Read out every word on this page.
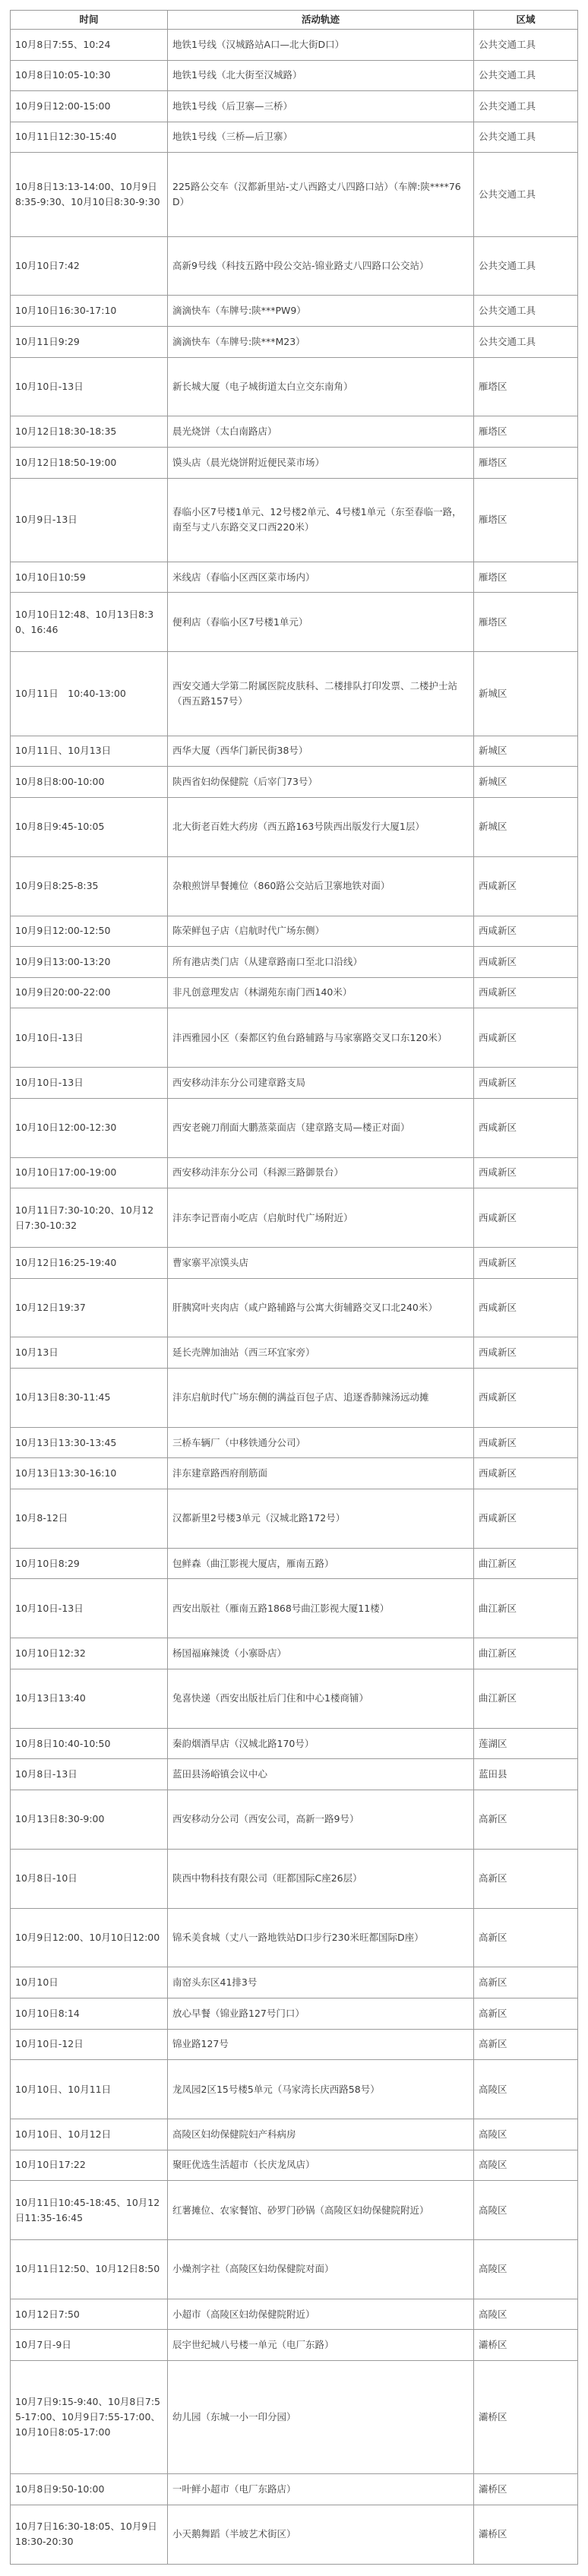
时间	活动轨迹	区域
10月8日7:55、10:24	地铁1号线（汉城路站A口—北大街D口）	公共交通工具
10月8日10:05-10:30	地铁1号线（北大街至汉城路）	公共交通工具
10月9日12:00-15:00	地铁1号线（后卫寨—三桥）	公共交通工具
10月11日12:30-15:40	地铁1号线（三桥—后卫寨）	公共交通工具
10月8日13:13-14:00、10月9日8:35-9:30、10月10日8:30-9:30	225路公交车（汉都新里站-丈八西路丈八四路口站）（车牌:陕****76D）	公共交通工具
10月10日7:42	高新9号线（科技五路中段公交站-锦业路丈八四路口公交站）	公共交通工具
10月10日16:30-17:10	滴滴快车（车牌号:陕***PW9）	公共交通工具
10月11日9:29	滴滴快车（车牌号:陕***M23）	公共交通工具
10月10日-13日	新长城大厦（电子城街道太白立交东南角）	雁塔区
10月12日18:30-18:35	晨光烧饼（太白南路店）	雁塔区
10月12日18:50-19:00	馍头店（晨光烧饼附近便民菜市场）	雁塔区
10月9日-13日	春临小区7号楼1单元、12号楼2单元、4号楼1单元（东至春临一路，南至与丈八东路交叉口西220米）	雁塔区
10月10日10:59	米线店（春临小区西区菜市场内）	雁塔区
10月10日12:48、10月13日8:30、16:46	便利店（春临小区7号楼1单元）	雁塔区
10月11日　10:40-13:00	西安交通大学第二附属医院皮肤科、二楼排队打印发票、二楼护士站（西五路157号）	新城区
10月11日、10月13日	西华大厦（西华门新民街38号）	新城区
10月8日8:00-10:00	陕西省妇幼保健院（后宰门73号）	新城区
10月8日9:45-10:05	北大街老百姓大药房（西五路163号陕西出版发行大厦1层）	新城区
10月9日8:25-8:35	杂粮煎饼早餐摊位（860路公交站后卫寨地铁对面）	西咸新区
10月9日12:00-12:50	陈荣鲜包子店（启航时代广场东侧）	西咸新区
10月9日13:00-13:20	所有港店类门店（从建章路南口至北口沿线）	西咸新区
10月9日20:00-22:00	非凡创意理发店（林湖苑东南门西140米）	西咸新区
10月10日-13日	沣西雅园小区（秦都区钓鱼台路辅路与马家寨路交叉口东120米）	西咸新区
10月10日-13日	西安移动沣东分公司建章路支局	西咸新区
10月10日12:00-12:30	西安老碗刀削面大鹏蒸菜面店（建章路支局—楼正对面）	西咸新区
10月10日17:00-19:00	西安移动沣东分公司（科源三路御景台）	西咸新区
10月11日7:30-10:20、10月12日7:30-10:32	沣东李记晋南小吃店（启航时代广场附近）	西咸新区
10月12日16:25-19:40	曹家寨平凉馍头店	西咸新区
10月12日19:37	肝胰窝叶夹肉店（咸户路辅路与公寓大街辅路交叉口北240米）	西咸新区
10月13日	延长壳牌加油站（西三环宜家旁）	西咸新区
10月13日8:30-11:45	沣东启航时代广场东侧的满益百包子店、追逐香肺辣汤远动摊	西咸新区
10月13日13:30-13:45	三桥车辆厂（中移铁通分公司）	西咸新区
10月13日13:30-16:10	沣东建章路西府削筋面	西咸新区
10月8-12日	汉都新里2号楼3单元（汉城北路172号）	西咸新区
10月10日8:29	包鲜森（曲江影视大厦店，雁南五路）	曲江新区
10月10日-13日	西安出版社（雁南五路1868号曲江影视大厦11楼）	曲江新区
10月10日12:32	杨国福麻辣烫（小寨卧店）	曲江新区
10月13日13:40	兔喜快递（西安出版社后门住和中心1楼商铺）	曲江新区
10月8日10:40-10:50	秦韵烟酒早店（汉城北路170号）	莲湖区
10月8日-13日	蓝田县汤峪镇会议中心	蓝田县
10月13日8:30-9:00	西安移动分公司（西安公司，高新一路9号）	高新区
10月8日-10日	陕西中物科技有限公司（旺都国际C座26层）	高新区
10月9日12:00、10月10日12:00	锦禾美食城（丈八一路地铁站D口步行230米旺都国际D座）	高新区
10月10日	南窑头东区41排3号	高新区
10月10日8:14	放心早餐（锦业路127号门口）	高新区
10月10日-12日	锦业路127号	高新区
10月10日、10月11日	龙凤园2区15号楼5单元（马家湾长庆西路58号）	高陵区
10月10日、10月12日	高陵区妇幼保健院妇产科病房	高陵区
10月10日17:22	聚旺优选生活超市（长庆龙凤店）	高陵区
10月11日10:45-18:45、10月12日11:35-16:45	红薯摊位、农家餐馆、砂罗门砂锅（高陵区妇幼保健院附近）	高陵区
10月11日12:50、10月12日8:50	小燥剂字社（高陵区妇幼保健院对面）	高陵区
10月12日7:50	小超市（高陵区妇幼保健院附近）	高陵区
10月7日-9日	辰宇世纪城八号楼一单元（电厂东路）	灞桥区
10月7日9:15-9:40、10月8日7:55-17:00、10月9日7:55-17:00、10月10日8:05-17:00	幼儿园（东城一小一印分园）	灞桥区
10月8日9:50-10:00	一叶鲜小超市（电厂东路店）	灞桥区
10月7日16:30-18:05、10月9日18:30-20:30	小天鹅舞蹈（半坡艺术街区）	灞桥区
